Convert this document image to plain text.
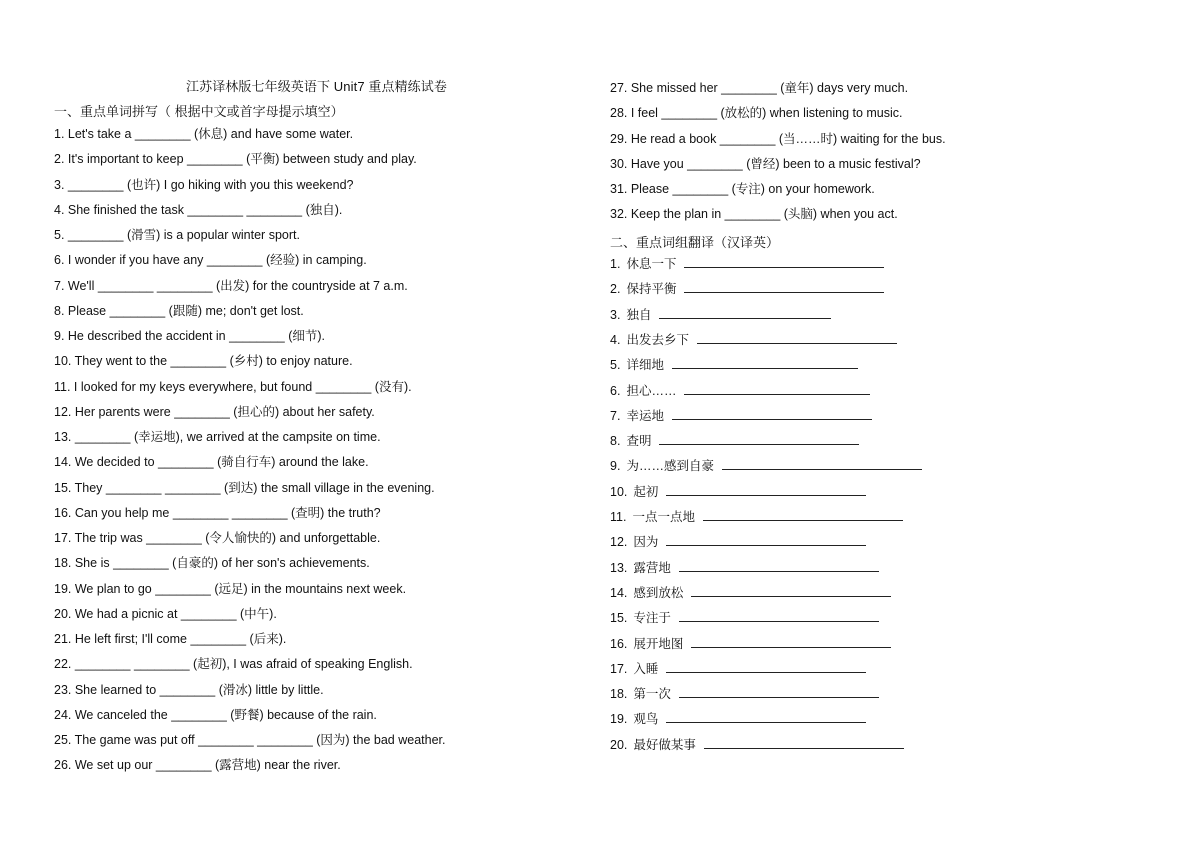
江苏译林版七年级英语下 Unit7 重点精练试卷
一、重点单词拼写（ 根据中文或首字母提示填空）
二、重点词组翻译（汉译英）
1. Let's take a ________ (休息) and have some water.
2. It's important to keep ________ (平衡) between study and play.
3. ________ (也许) I go hiking with you this weekend?
4. She finished the task ________ ________ (独自).
5. ________ (滑雪) is a popular winter sport.
6. I wonder if you have any ________ (经验) in camping.
7. We'll ________ ________ (出发) for the countryside at 7 a.m.
8. Please ________ (跟随) me; don't get lost.
9. He described the accident in ________ (细节).
10. They went to the ________ (乡村) to enjoy nature.
11. I looked for my keys everywhere, but found ________ (没有).
12. Her parents were ________ (担心的) about her safety.
13. ________ (幸运地), we arrived at the campsite on time.
14. We decided to ________ (骑自行车) around the lake.
15. They ________ ________ (到达) the small village in the evening.
16. Can you help me ________ ________ (查明) the truth?
17. The trip was ________ (令人愉快的) and unforgettable.
18. She is ________ (自豪的) of her son's achievements.
19. We plan to go ________ (远足) in the mountains next week.
20. We had a picnic at ________ (中午).
21. He left first; I'll come ________ (后来).
22. ________ ________ (起初), I was afraid of speaking English.
23. She learned to ________ (滑冰) little by little.
24. We canceled the ________ (野餐) because of the rain.
25. The game was put off ________ ________ (因为) the bad weather.
26. We set up our ________ (露营地) near the river.
27. She missed her ________ (童年) days very much.
28. I feel ________ (放松的) when listening to music.
29. He read a book ________ (当……时) waiting for the bus.
30. Have you ________ (曾经) been to a music festival?
31. Please ________ (专注) on your homework.
32. Keep the plan in ________ (头脑) when you act.
1. 休息一下
2. 保持平衡
3. 独自
4. 出发去乡下
5. 详细地
6. 担心……
7. 幸运地
8. 查明
9. 为……感到自豪
10. 起初
11. 一点一点地
12. 因为
13. 露营地
14. 感到放松
15. 专注于
16. 展开地图
17. 入睡
18. 第一次
19. 观鸟
20. 最好做某事
